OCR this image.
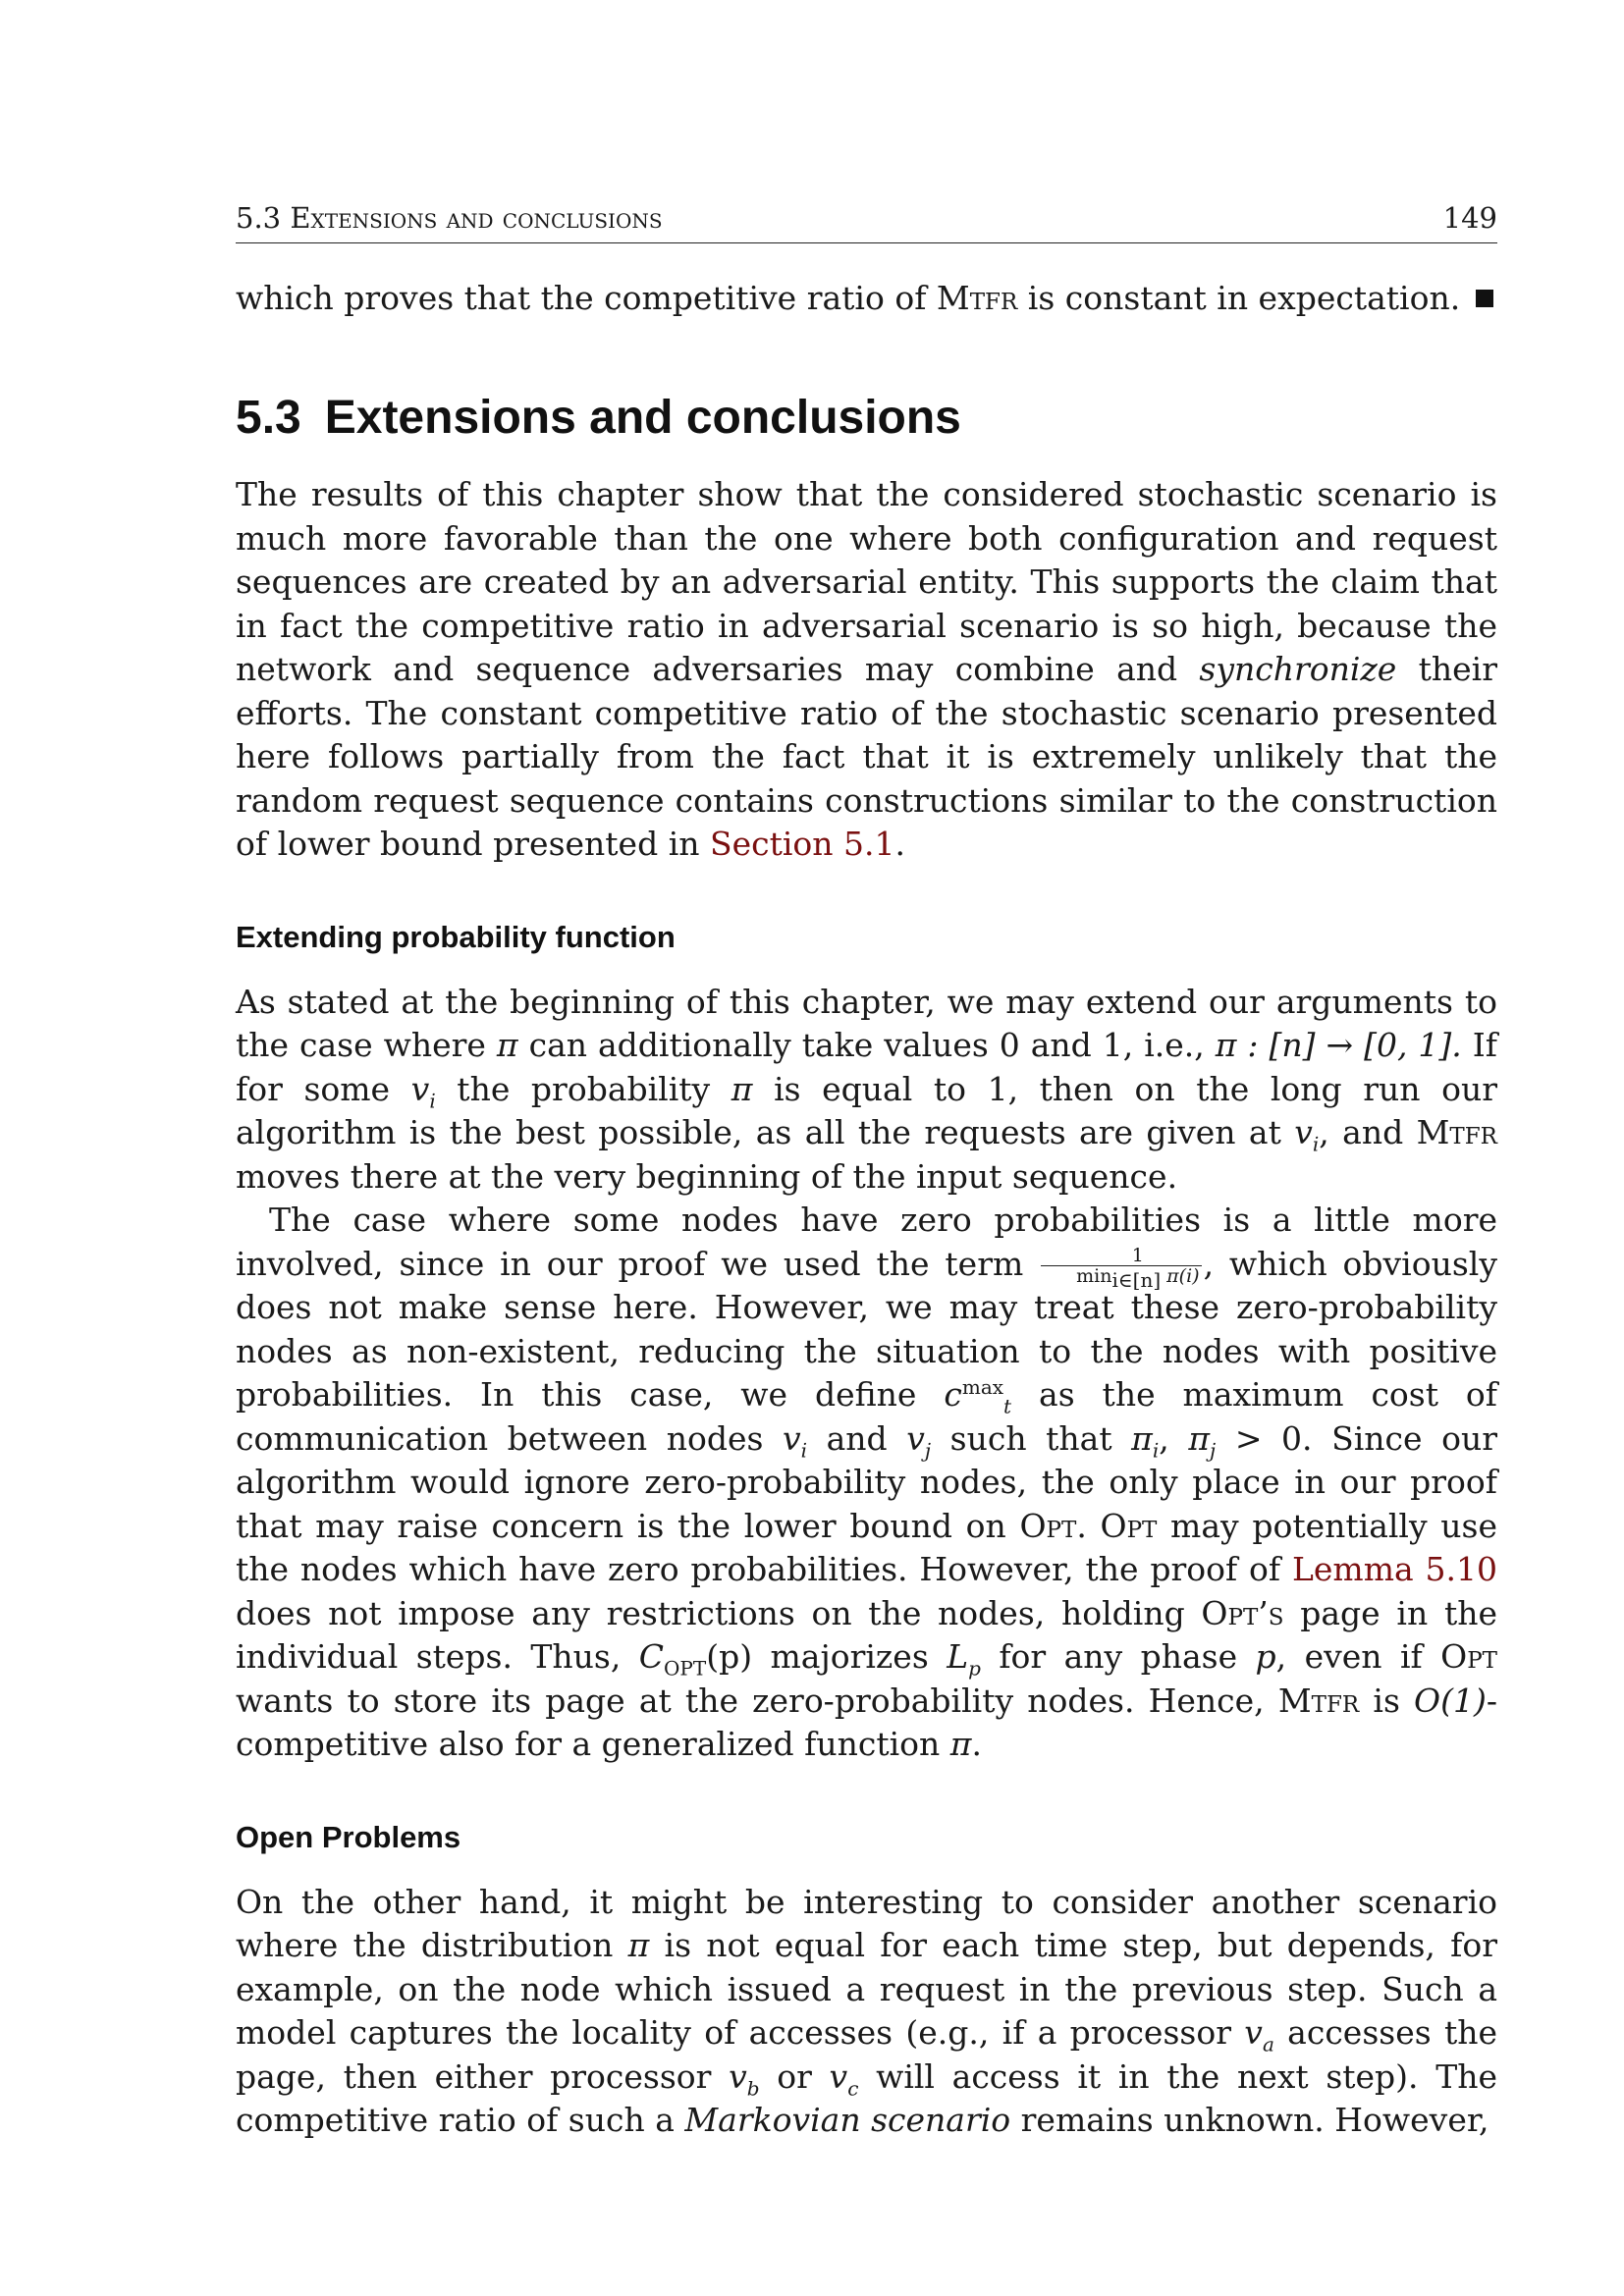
5.3 Extensions and conclusions	149
which proves that the competitive ratio of Mtfr is constant in expectation.
5.3 Extensions and conclusions

The results of this chapter show that the considered stochastic scenario is much more favorable than the one where both configuration and request sequences are created by an adversarial entity. This supports the claim that in fact the competitive ratio in adversarial scenario is so high, because the network and sequence adversaries may combine and synchronize their efforts. The constant competitive ratio of the stochastic scenario presented here follows partially from the fact that it is extremely unlikely that the random request sequence contains constructions similar to the construction of lower bound presented in Section 5.1.

Extending probability function

As stated at the beginning of this chapter, we may extend our arguments to the case where π can additionally take values 0 and 1, i.e., π : [n] → [0, 1]. If for some $v_i$ the probability π is equal to 1, then on the long run our algorithm is the best possible, as all the requests are given at $v_i$, and Mtfr moves there at the very beginning of the input sequence.

The case where some nodes have zero probabilities is a little more involved, since in our proof we used the term $\frac{1}{\min_{i\in[n]} \pi(i)}$ , which obviously does not make sense here. However, we may treat these zero-probability nodes as non-existent, reducing the situation to the nodes with positive probabilities. In this case, we define $c^{max}_t$ as the maximum cost of communication between nodes $v_i$ and $v_j$ such that $\pi_i$, $\pi_j > 0$. Since our algorithm would ignore zero-probability nodes, the only place in our proof that may raise concern is the lower bound on Opt. Opt may potentially use the nodes which have zero probabilities. However, the proof of Lemma 5.10 does not impose any restrictions on the nodes, holding Opt’s page in the individual steps. Thus, $C_{OPT}(p)$ majorizes $L_p$ for any phase p, even if Opt wants to store its page at the zero-probability nodes. Hence, Mtfr is O(1)-competitive also for a generalized function π.

Open Problems

On the other hand, it might be interesting to consider another scenario where the distribution π is not equal for each time step, but depends, for example, on the node which issued a request in the previous step. Such a model captures the locality of accesses (e.g., if a processor $v_a$ accesses the page, then either processor $v_b$ or $v_c$ will access it in the next step). The competitive ratio of such a Markovian scenario remains unknown. However,
